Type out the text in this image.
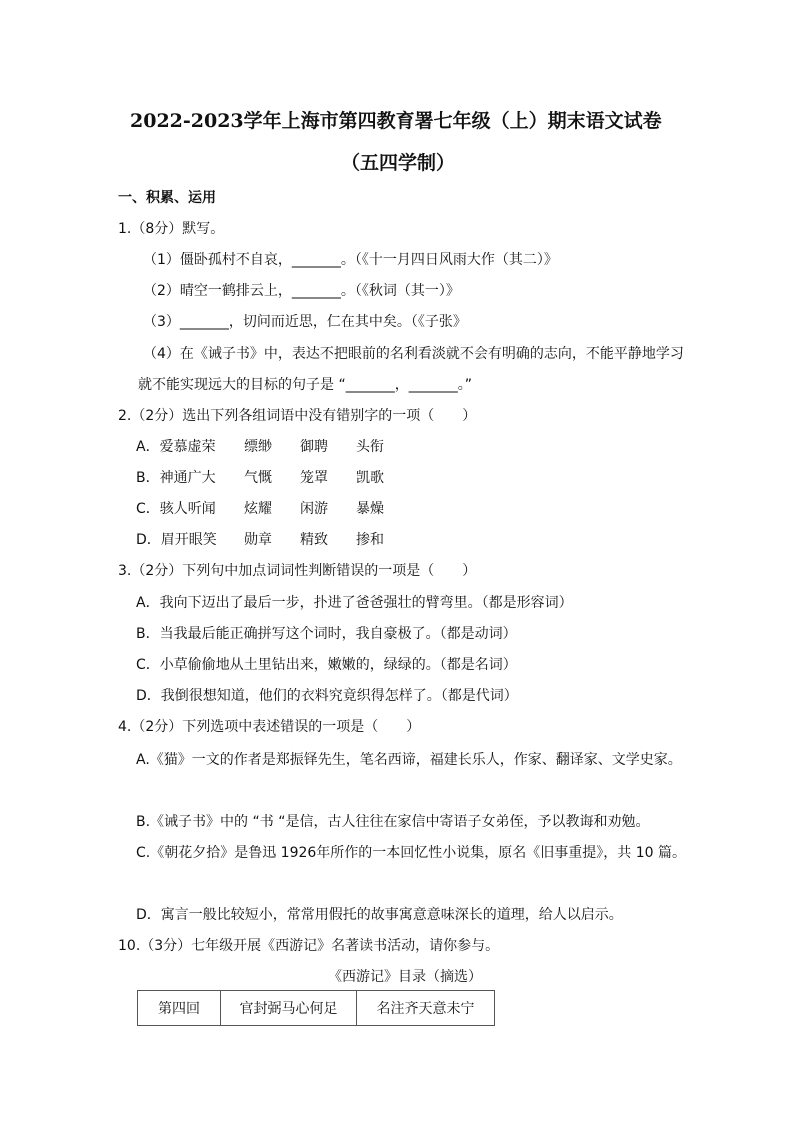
2022-2023学年上海市第四教育署七年级（上）期末语文试卷
（五四学制）
一、积累、运用
1.（8分）默写。
（1）僵卧孤村不自哀，_______。（《十一月四日风雨大作（其二）》
（2）晴空一鹤排云上，_______。（《秋词（其一）》
（3）_______，切问而近思，仁在其中矣。（《子张》
（4）在《诫子书》中，表达不把眼前的名利看淡就不会有明确的志向，不能平静地学习
就不能实现远大的目标的句子是 “_______，_______。”
2.（2分）选出下列各组词语中没有错别字的一项（　　）
A．爱慕虚荣 缥缈 御聘 头衔
B．神通广大 气慨 笼罩 凯歌
C．骇人听闻 炫耀 闲游 暴燥
D．眉开眼笑 勋章 精致 掺和
3.（2分）下列句中加点词词性判断错误的一项是（　　）
A．我向下迈出了最后一步，扑进了爸爸强壮的臂弯里。（都是形容词）
B．当我最后能正确拼写这个词时，我自豪极了。（都是动词）
C．小草偷偷地从土里钻出来，嫩嫩的，绿绿的。（都是名词）
D．我倒很想知道，他们的衣料究竟织得怎样了。（都是代词）
4.（2分）下列选项中表述错误的一项是（　　）
A.《猫》一文的作者是郑振铎先生，笔名西谛，福建长乐人，作家、翻译家、文学史家。
B.《诫子书》中的 “书 “是信，古人往往在家信中寄语子女弟侄，予以教诲和劝勉。
C.《朝花夕拾》是鲁迅 1926年所作的一本回忆性小说集，原名《旧事重提》，共 10 篇。
D．寓言一般比较短小，常常用假托的故事寓意意味深长的道理，给人以启示。
10.（3分）七年级开展《西游记》名著读书活动，请你参与。
《西游记》目录（摘选）
第四回	官封弼马心何足	名注齐天意未宁
